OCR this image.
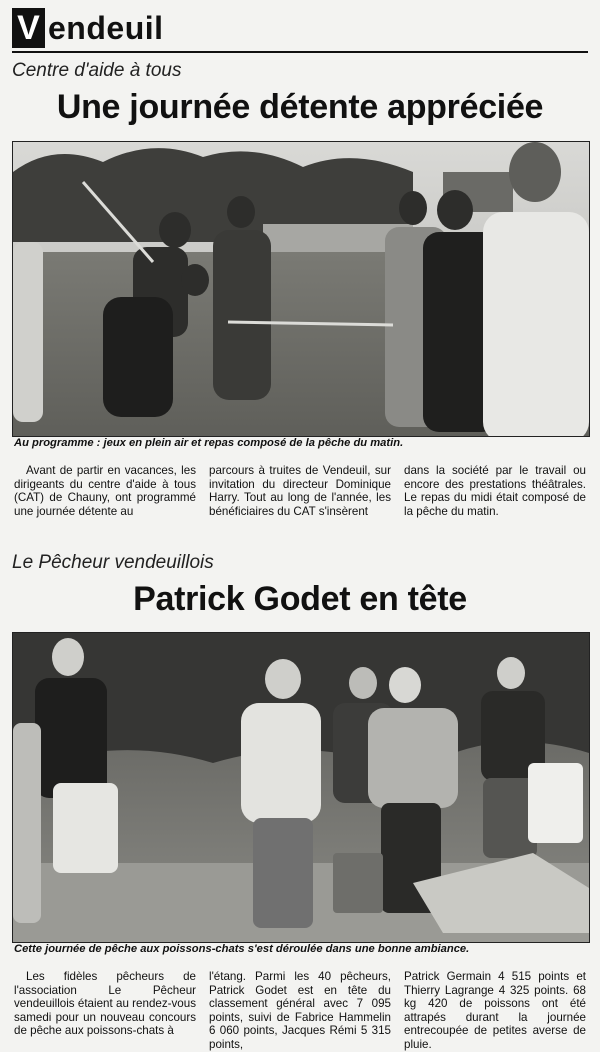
V endeuil
Centre d'aide à tous
Une journée détente appréciée
Au programme : jeux en plein air et repas composé de la pêche du matin.

Avant de partir en vacances, les dirigeants du centre d'aide à tous (CAT) de Chauny, ont programmé une journée détente au

parcours à truites de Vendeuil, sur invitation du directeur Dominique Harry. Tout au long de l'année, les bénéficiaires du CAT s'insèrent

dans la société par le travail ou encore des prestations théâtrales. Le repas du midi était composé de la pêche du matin.

Le Pêcheur vendeuillois
Patrick Godet en tête
Cette journée de pêche aux poissons-chats s'est déroulée dans une bonne ambiance.

Les fidèles pêcheurs de l'association Le Pêcheur vendeuillois étaient au rendez-vous samedi pour un nouveau concours de pêche aux poissons-chats à

l'étang. Parmi les 40 pêcheurs, Patrick Godet est en tête du classement général avec 7 095 points, suivi de Fabrice Hammelin 6 060 points, Jacques Rémi 5 315 points,

Patrick Germain 4 515 points et Thierry Lagrange 4 325 points. 68 kg 420 de poissons ont été attrapés durant la journée entrecoupée de petites averse de pluie.
